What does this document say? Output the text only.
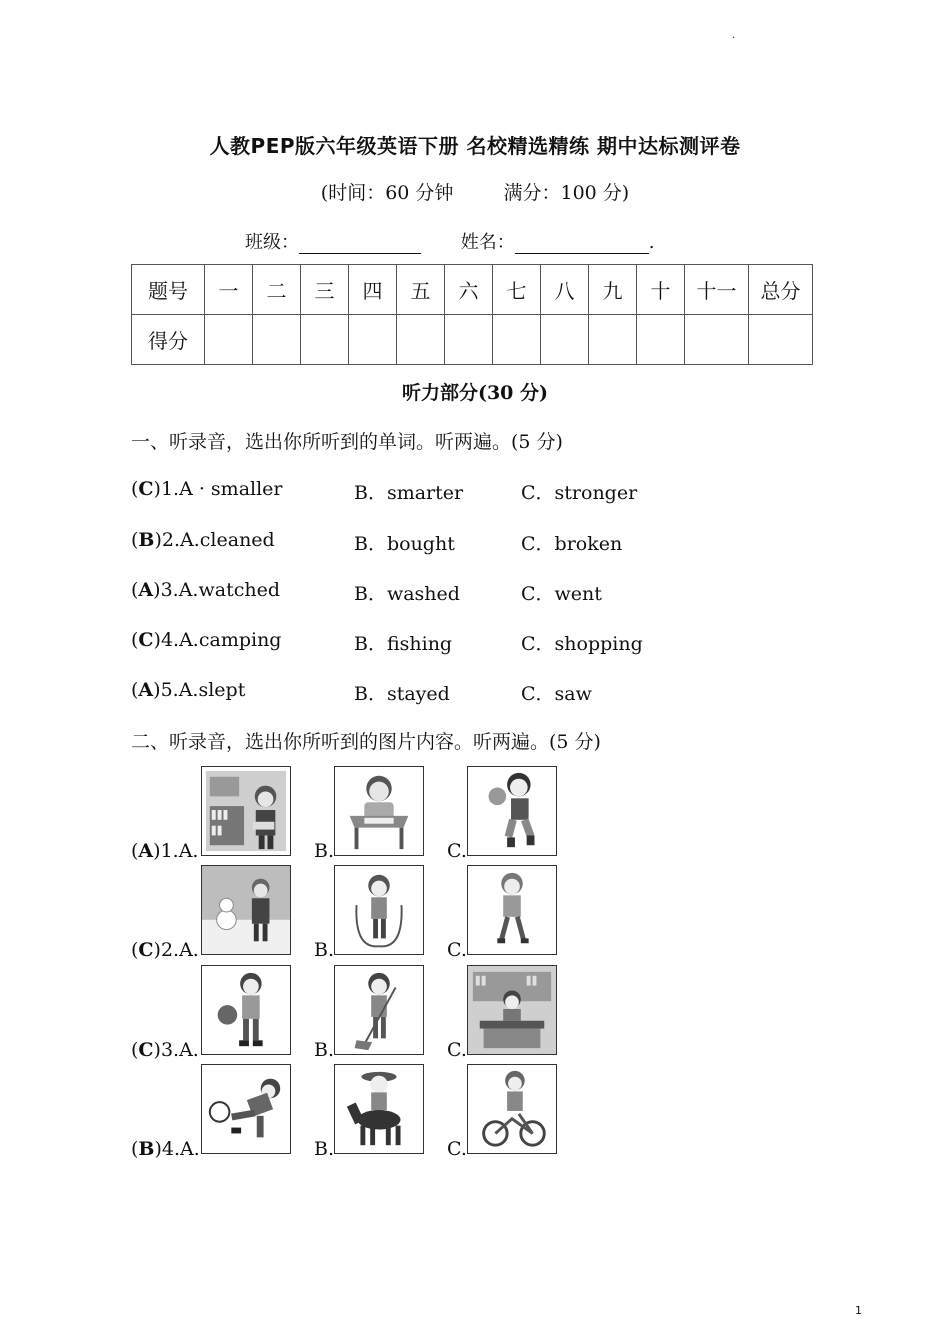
.
人教PEP版六年级英语下册 名校精选精练 期中达标测评卷
(时间：60 分钟	满分：100 分)
班级：	姓名：	.
题号	一	二	三	四	五	六	七	八	九	十	十一	总分
得分												
听力部分(30 分)
一、听录音，选出你所听到的单词。听两遍。(5 分)
(C)1.A · smaller	B．smarter	C．stronger
(B)2.A.cleaned	B．bought	C．broken
(A)3.A.watched	B．washed	C．went
(C)4.A.camping	B．fishing	C．shopping
(A)5.A.slept	B．stayed	C．saw
二、听录音，选出你所听到的图片内容。听两遍。(5 分)
(A)1.A.	B.	C.
(C)2.A.	B.	C.
(C)3.A.	B.	C.
(B)4.A.	B.	C.
1
